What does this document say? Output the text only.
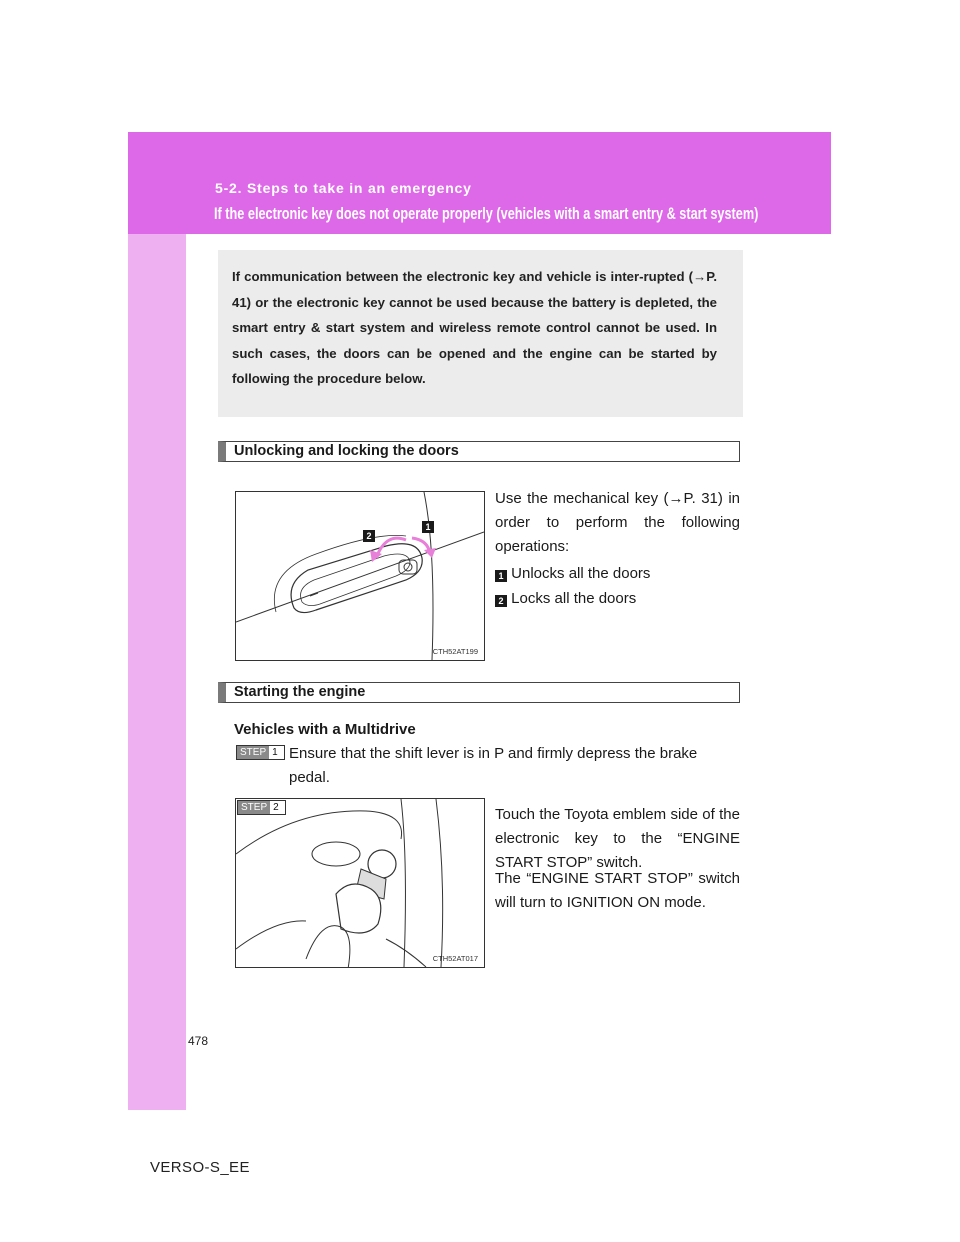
5-2. Steps to take in an emergency
If the electronic key does not operate properly (vehicles with a smart entry & start system)

If communication between the electronic key and vehicle is inter-rupted (→P. 41) or the electronic key cannot be used because the battery is depleted, the smart entry & start system and wireless remote control cannot be used. In such cases, the doors can be opened and the engine can be started by following the procedure below.

Unlocking and locking the doors
2
1
CTH52AT199
Use the mechanical key (→P. 31) in order to perform the following operations:
1 Unlocks all the doors
2 Locks all the doors
Starting the engine
Vehicles with a Multidrive
STEP 1 Ensure that the shift lever is in P and firmly depress the brake pedal.
STEP 2
CTH52AT017
Touch the Toyota emblem side of the electronic key to the “ENGINE START STOP” switch.
The “ENGINE START STOP” switch will turn to IGNITION ON mode.
478
VERSO-S_EE
